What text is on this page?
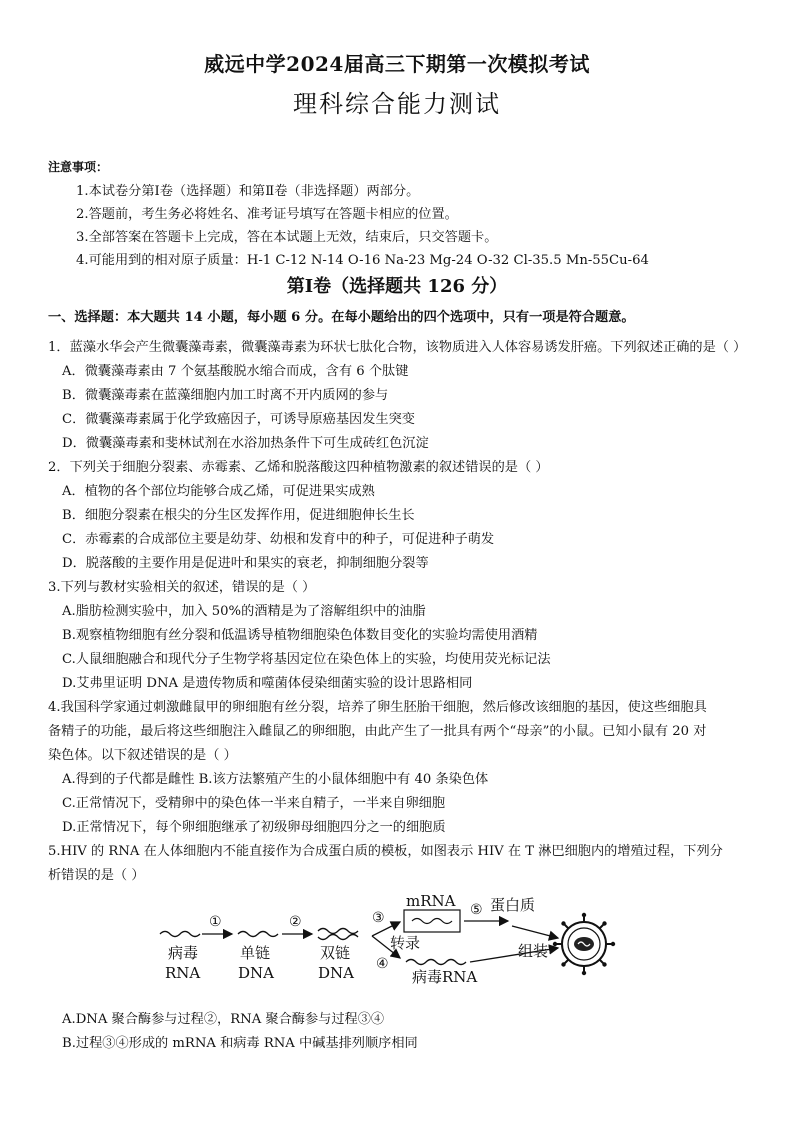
威远中学2024届高三下期第一次模拟考试
理科综合能力测试
注意事项：
1.本试卷分第Ⅰ卷（选择题）和第Ⅱ卷（非选择题）两部分。
2.答题前，考生务必将姓名、准考证号填写在答题卡相应的位置。
3.全部答案在答题卡上完成，答在本试题上无效，结束后，只交答题卡。
4.可能用到的相对原子质量：H-1 C-12 N-14 O-16 Na-23 Mg-24 O-32 Cl-35.5 Mn-55Cu-64
第Ⅰ卷（选择题共 126 分）
一、选择题：本大题共 14 小题，每小题 6 分。在每小题给出的四个选项中，只有一项是符合题意。
1．蓝藻水华会产生微囊藻毒素，微囊藻毒素为环状七肽化合物，该物质进入人体容易诱发肝癌。下列叙述正确的是（ ）
A．微囊藻毒素由 7 个氨基酸脱水缩合而成，含有 6 个肽键
B．微囊藻毒素在蓝藻细胞内加工时离不开内质网的参与
C．微囊藻毒素属于化学致癌因子，可诱导原癌基因发生突变
D．微囊藻毒素和斐林试剂在水浴加热条件下可生成砖红色沉淀
2．下列关于细胞分裂素、赤霉素、乙烯和脱落酸这四种植物激素的叙述错误的是（ ）
A．植物的各个部位均能够合成乙烯，可促进果实成熟
B．细胞分裂素在根尖的分生区发挥作用，促进细胞伸长生长
C．赤霉素的合成部位主要是幼芽、幼根和发育中的种子，可促进种子萌发
D．脱落酸的主要作用是促进叶和果实的衰老，抑制细胞分裂等
3.下列与教材实验相关的叙述，错误的是（ ）
A.脂肪检测实验中，加入 50%的酒精是为了溶解组织中的油脂
B.观察植物细胞有丝分裂和低温诱导植物细胞染色体数目变化的实验均需使用酒精
C.人鼠细胞融合和现代分子生物学将基因定位在染色体上的实验，均使用荧光标记法
D.艾弗里证明 DNA 是遗传物质和噬菌体侵染细菌实验的设计思路相同
4.我国科学家通过刺激雌鼠甲的卵细胞有丝分裂，培养了卵生胚胎干细胞，然后修改该细胞的基因，使这些细胞具
备精子的功能，最后将这些细胞注入雌鼠乙的卵细胞，由此产生了一批具有两个“母亲”的小鼠。已知小鼠有 20 对
染色体。以下叙述错误的是（ ）
A.得到的子代都是雌性 B.该方法繁殖产生的小鼠体细胞中有 40 条染色体
C.正常情况下，受精卵中的染色体一半来自精子，一半来自卵细胞
D.正常情况下，每个卵细胞继承了初级卵母细胞四分之一的细胞质
5.HIV 的 RNA 在人体细胞内不能直接作为合成蛋白质的模板，如图表示 HIV 在 T 淋巴细胞内的增殖过程，下列分
析错误的是（ ）
病毒
RNA
①
单链
DNA
②
双链
DNA
③
④
转录
mRNA ⑤ 蛋白质
病毒RNA
组装
A.DNA 聚合酶参与过程②，RNA 聚合酶参与过程③④
B.过程③④形成的 mRNA 和病毒 RNA 中碱基排列顺序相同
